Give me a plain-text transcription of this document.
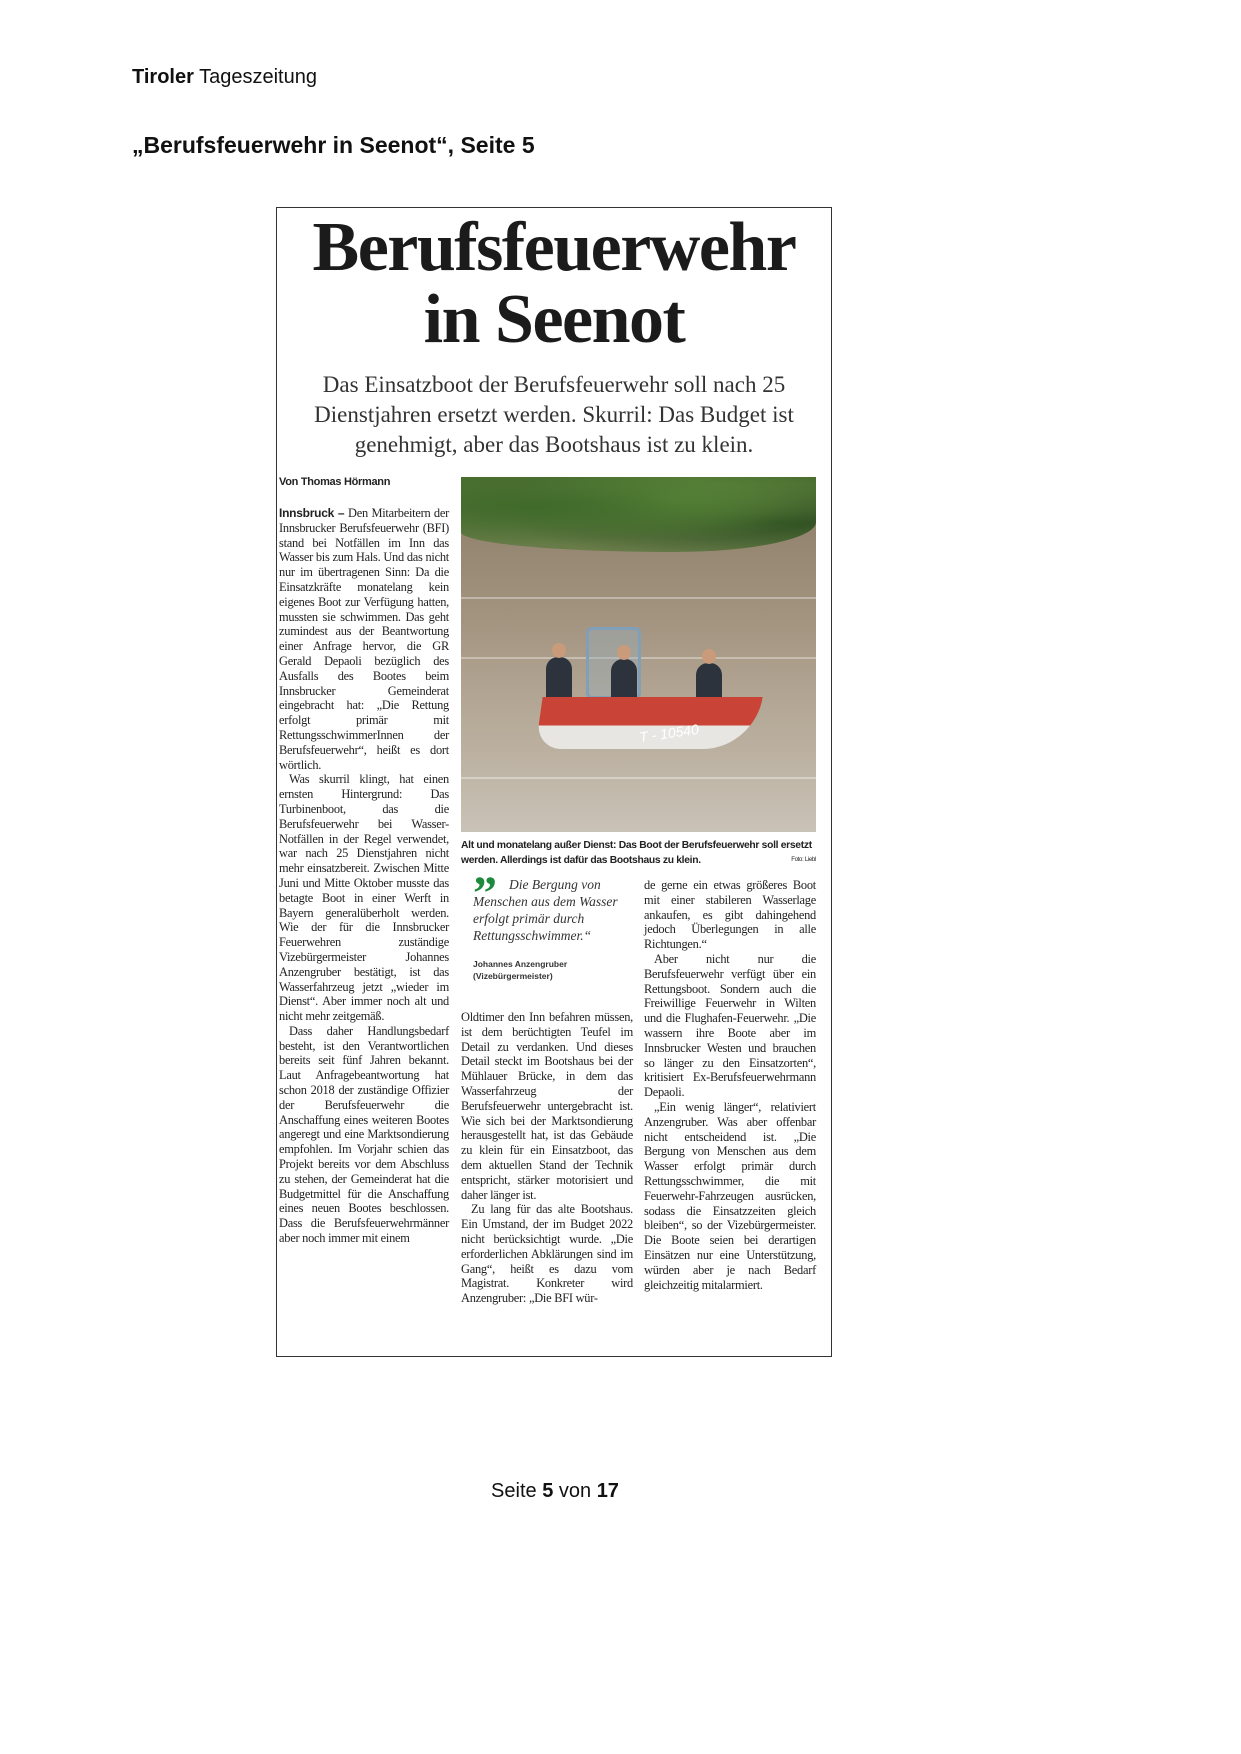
Tiroler Tageszeitung
„Berufsfeuerwehr in Seenot“, Seite 5
Berufsfeuerwehr
in Seenot
Das Einsatzboot der Berufsfeuerwehr soll nach 25 Dienstjahren ersetzt werden. Skurril: Das Budget ist genehmigt, aber das Bootshaus ist zu klein.
Von Thomas Hörmann

Innsbruck – Den Mitarbeitern der Innsbrucker Berufsfeuerwehr (BFI) stand bei Notfällen im Inn das Wasser bis zum Hals. Und das nicht nur im übertragenen Sinn: Da die Einsatzkräfte monatelang kein eigenes Boot zur Verfügung hatten, mussten sie schwimmen. Das geht zumindest aus der Beantwortung einer Anfrage hervor, die GR Gerald Depaoli bezüglich des Ausfalls des Bootes beim Innsbrucker Gemeinderat eingebracht hat: „Die Rettung erfolgt primär mit RettungsschwimmerInnen der Berufsfeuerwehr“, heißt es dort wörtlich.

Was skurril klingt, hat einen ernsten Hintergrund: Das Turbinenboot, das die Berufsfeuerwehr bei Wasser-Notfällen in der Regel verwendet, war nach 25 Dienstjahren nicht mehr einsatzbereit. Zwischen Mitte Juni und Mitte Oktober musste das betagte Boot in einer Werft in Bayern generalüberholt werden. Wie der für die Innsbrucker Feuerwehren zuständige Vizebürgermeister Johannes Anzengruber bestätigt, ist das Wasserfahrzeug jetzt „wieder im Dienst“. Aber immer noch alt und nicht mehr zeitgemäß.

Dass daher Handlungsbedarf besteht, ist den Verantwortlichen bereits seit fünf Jahren bekannt. Laut Anfragebeantwortung hat schon 2018 der zuständige Offizier der Berufsfeuerwehr die Anschaffung eines weiteren Bootes angeregt und eine Marktsondierung empfohlen. Im Vorjahr schien das Projekt bereits vor dem Abschluss zu stehen, der Gemeinderat hat die Budgetmittel für die Anschaffung eines neuen Bootes beschlossen. Dass die Berufsfeuerwehrmänner aber noch immer mit einem

T - 10540
Alt und monatelang außer Dienst: Das Boot der Berufsfeuerwehr soll ersetzt werden. Allerdings ist dafür das Bootshaus zu klein.	Foto: Liebl
” Die Bergung von Menschen aus dem Wasser erfolgt primär durch Rettungsschwimmer.“
Johannes Anzengruber
(Vizebürgermeister)

Oldtimer den Inn befahren müssen, ist dem berüchtigten Teufel im Detail zu verdanken. Und dieses Detail steckt im Bootshaus bei der Mühlauer Brücke, in dem das Wasserfahrzeug der Berufsfeuerwehr untergebracht ist. Wie sich bei der Marktsondierung herausgestellt hat, ist das Gebäude zu klein für ein Einsatzboot, das dem aktuellen Stand der Technik entspricht, stärker motorisiert und daher länger ist.

Zu lang für das alte Bootshaus. Ein Umstand, der im Budget 2022 nicht berücksichtigt wurde. „Die erforderlichen Abklärungen sind im Gang“, heißt es dazu vom Magistrat. Konkreter wird Anzengruber: „Die BFI wür-

de gerne ein etwas größeres Boot mit einer stabileren Wasserlage ankaufen, es gibt dahingehend jedoch Überlegungen in alle Richtungen.“

Aber nicht nur die Berufsfeuerwehr verfügt über ein Rettungsboot. Sondern auch die Freiwillige Feuerwehr in Wilten und die Flughafen-Feuerwehr. „Die wassern ihre Boote aber im Innsbrucker Westen und brauchen so länger zu den Einsatzorten“, kritisiert Ex-Berufsfeuerwehrmann Depaoli.

„Ein wenig länger“, relativiert Anzengruber. Was aber offenbar nicht entscheidend ist. „Die Bergung von Menschen aus dem Wasser erfolgt primär durch Rettungsschwimmer, die mit Feuerwehr-Fahrzeugen ausrücken, sodass die Einsatzzeiten gleich bleiben“, so der Vizebürgermeister. Die Boote seien bei derartigen Einsätzen nur eine Unterstützung, würden aber je nach Bedarf gleichzeitig mitalarmiert.

Seite 5 von 17
